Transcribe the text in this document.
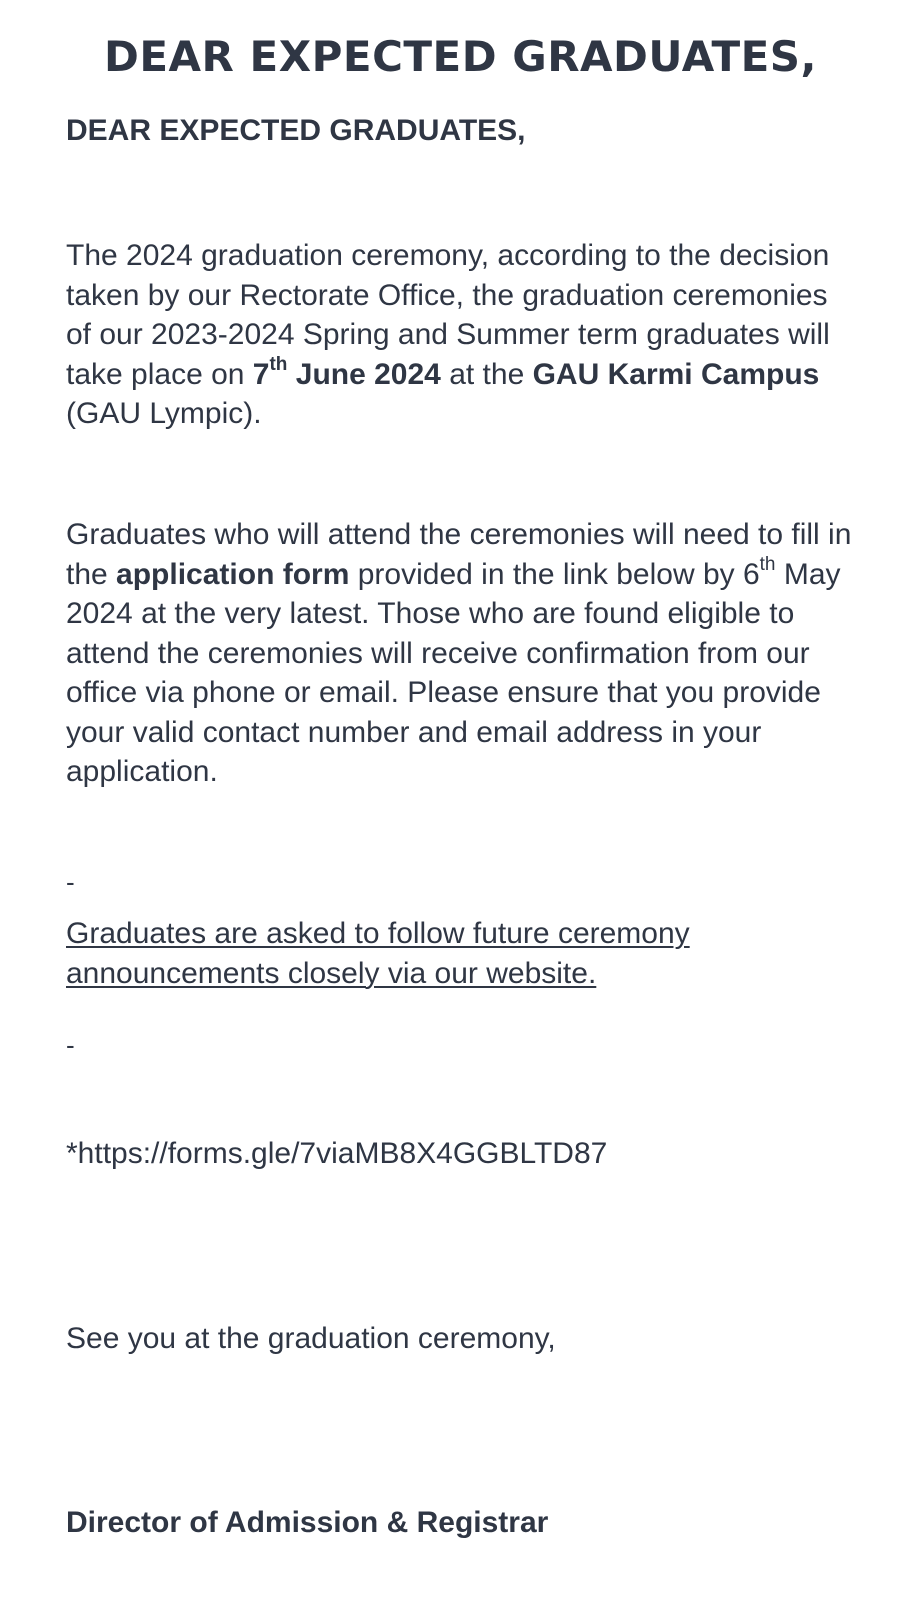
DEAR EXPECTED GRADUATES,

DEAR EXPECTED GRADUATES,

The 2024 graduation ceremony, according to the decision taken by our Rectorate Office, the graduation ceremonies of our 2023-2024 Spring and Summer term graduates will take place on 7th June 2024 at the GAU Karmi Campus (GAU Lympic).

Graduates who will attend the ceremonies will need to fill in the application form provided in the link below by 6th May 2024 at the very latest. Those who are found eligible to attend the ceremonies will receive confirmation from our office via phone or email. Please ensure that you provide your valid contact number and email address in your application.

-

Graduates are asked to follow future ceremony announcements closely via our website.

-

*https://forms.gle/7viaMB8X4GGBLTD87

See you at the graduation ceremony,

Director of Admission & Registrar
